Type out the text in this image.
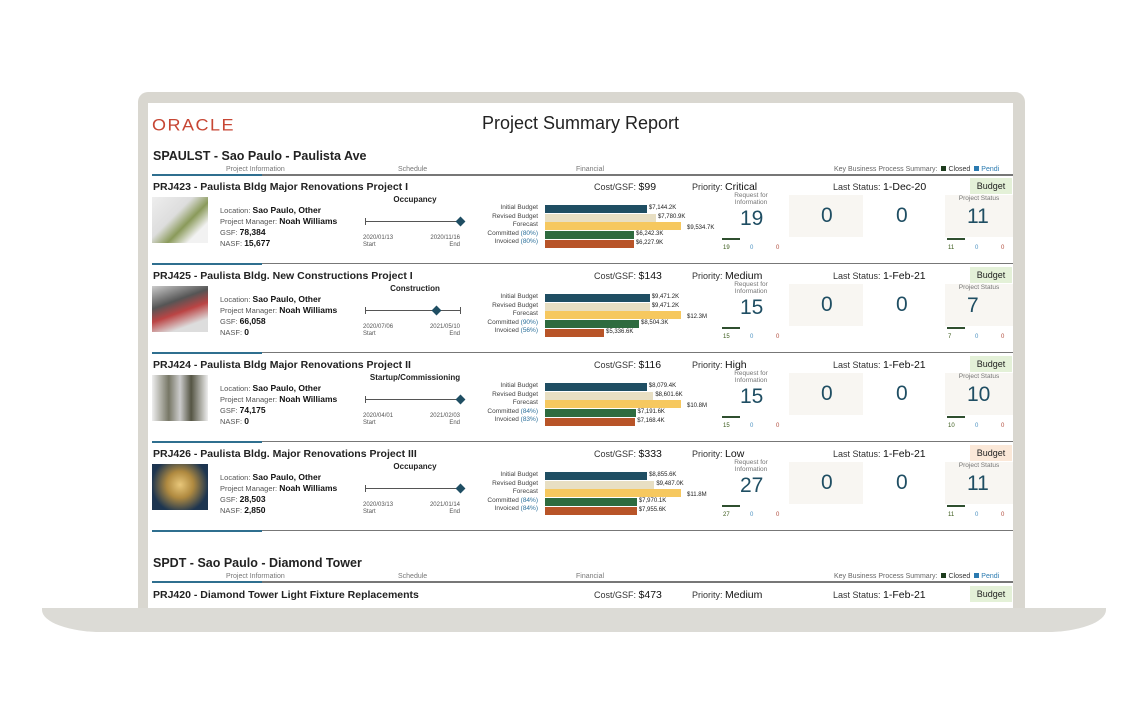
ORACLE	Project Summary Report
SPAULST - Sao Paulo - Paulista Ave
Project Information	Schedule	Financial	Key Business Process Summary: Closed Pendi
PRJ423 - Paulista Bldg Major Renovations Project I	Cost/GSF: $99	Priority: Critical	Last Status: 1-Dec-20	Budget
Location: Sao Paulo, Other
Project Manager: Noah Williams
GSF: 78,384
NASF: 15,677
Occupancy
2020/01/13
Start
2020/11/16
End
Initial Budget
Revised Budget
Forecast
Committed (80%)
Invoiced (80%)
$7,144.2K
$7,780.9K
$9,534.7K
$6,242.3K
$6,227.9K
Request for
Information
19
19	0	0
0	0
Project Status
11
11	0	0
PRJ425 - Paulista Bldg. New Constructions Project I	Cost/GSF: $143	Priority: Medium	Last Status: 1-Feb-21	Budget
Location: Sao Paulo, Other
Project Manager: Noah Williams
GSF: 66,058
NASF: 0
Construction
2020/07/06
Start
2021/05/10
End
Initial Budget
Revised Budget
Forecast
Committed (90%)
Invoiced (56%)
$9,471.2K
$9,471.2K
$12.3M
$8,504.3K
$5,336.6K
Request for
Information
15
15	0	0
0	0
Project Status
7
7	0	0
PRJ424 - Paulista Bldg Major Renovations Project II	Cost/GSF: $116	Priority: High	Last Status: 1-Feb-21	Budget
Location: Sao Paulo, Other
Project Manager: Noah Williams
GSF: 74,175
NASF: 0
Startup/Commissioning
2020/04/01
Start
2021/02/03
End
Initial Budget
Revised Budget
Forecast
Committed (84%)
Invoiced (83%)
$8,079.4K
$8,601.6K
$10.8M
$7,191.6K
$7,168.4K
Request for
Information
15
15	0	0
0	0
Project Status
10
10	0	0
PRJ426 - Paulista Bldg. Major Renovations Project III	Cost/GSF: $333	Priority: Low	Last Status: 1-Feb-21	Budget
Location: Sao Paulo, Other
Project Manager: Noah Williams
GSF: 28,503
NASF: 2,850
Occupancy
2020/03/13
Start
2021/01/14
End
Initial Budget
Revised Budget
Forecast
Committed (84%)
Invoiced (84%)
$8,855.6K
$9,487.0K
$11.8M
$7,970.1K
$7,955.6K
Request for
Information
27
27	0	0
0	0
Project Status
11
11	0	0
SPDT - Sao Paulo - Diamond Tower
Project Information	Schedule	Financial	Key Business Process Summary: Closed Pendi
PRJ420 - Diamond Tower Light Fixture Replacements	Cost/GSF: $473	Priority: Medium	Last Status: 1-Feb-21	Budget
